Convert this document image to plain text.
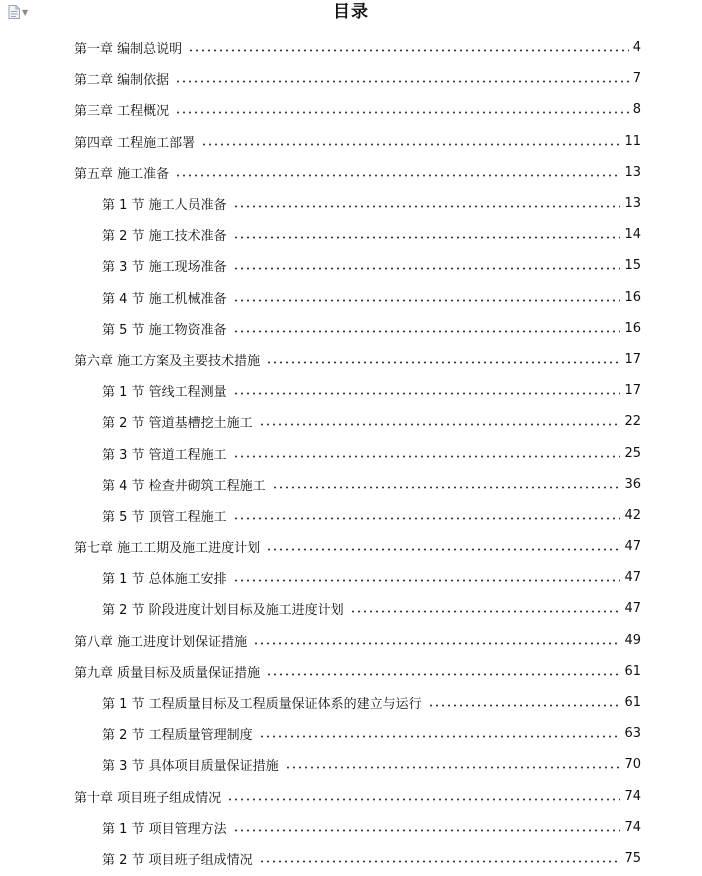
▼	目录
第一章 编制总说明	4
第二章 编制依据	7
第三章 工程概况	8
第四章 工程施工部署	11
第五章 施工准备	13
第 1 节 施工人员准备	13
第 2 节 施工技术准备	14
第 3 节 施工现场准备	15
第 4 节 施工机械准备	16
第 5 节 施工物资准备	16
第六章 施工方案及主要技术措施	17
第 1 节 管线工程测量	17
第 2 节 管道基槽挖土施工	22
第 3 节 管道工程施工	25
第 4 节 检查井砌筑工程施工	36
第 5 节 顶管工程施工	42
第七章 施工工期及施工进度计划	47
第 1 节 总体施工安排	47
第 2 节 阶段进度计划目标及施工进度计划	47
第八章 施工进度计划保证措施	49
第九章 质量目标及质量保证措施	61
第 1 节 工程质量目标及工程质量保证体系的建立与运行	61
第 2 节 工程质量管理制度	63
第 3 节 具体项目质量保证措施	70
第十章 项目班子组成情况	74
第 1 节 项目管理方法	74
第 2 节 项目班子组成情况	75
